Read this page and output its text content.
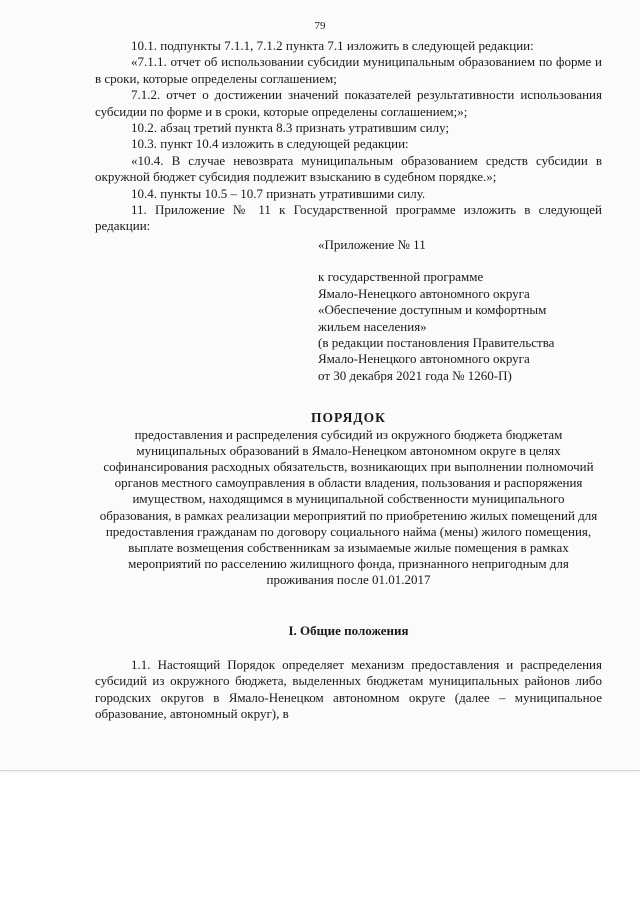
79

10.1. подпункты 7.1.1, 7.1.2 пункта 7.1 изложить в следующей редакции:

«7.1.1. отчет об использовании субсидии муниципальным образованием по форме и в сроки, которые определены соглашением;

7.1.2. отчет о достижении значений показателей результативности использования субсидии по форме и в сроки, которые определены соглашением;»;

10.2. абзац третий пункта 8.3 признать утратившим силу;

10.3. пункт 10.4 изложить в следующей редакции:

«10.4. В случае невозврата муниципальным образованием средств субсидии в окружной бюджет субсидия подлежит взысканию в судебном порядке.»;

10.4. пункты 10.5 – 10.7 признать утратившими силу.

11. Приложение № 11 к Государственной программе изложить в следующей редакции:

«Приложение № 11
к государственной программе
Ямало-Ненецкого автономного округа
«Обеспечение доступным и комфортным
жильем населения»
(в редакции постановления Правительства
Ямало-Ненецкого автономного округа
от 30 декабря 2021 года № 1260-П)

ПОРЯДОК

предоставления и распределения субсидий из окружного бюджета бюджетам муниципальных образований в Ямало-Ненецком автономном округе в целях софинансирования расходных обязательств, возникающих при выполнении полномочий органов местного самоуправления в области владения, пользования и распоряжения имуществом, находящимся в муниципальной собственности муниципального образования, в рамках реализации мероприятий по приобретению жилых помещений для предоставления гражданам по договору социального найма (мены) жилого помещения, выплате возмещения собственникам за изымаемые жилые помещения в рамках мероприятий по расселению жилищного фонда, признанного непригодным для проживания после 01.01.2017

I. Общие положения

1.1. Настоящий Порядок определяет механизм предоставления и распределения субсидий из окружного бюджета, выделенных бюджетам муниципальных районов либо городских округов в Ямало-Ненецком автономном округе (далее – муниципальное образование, автономный округ), в
